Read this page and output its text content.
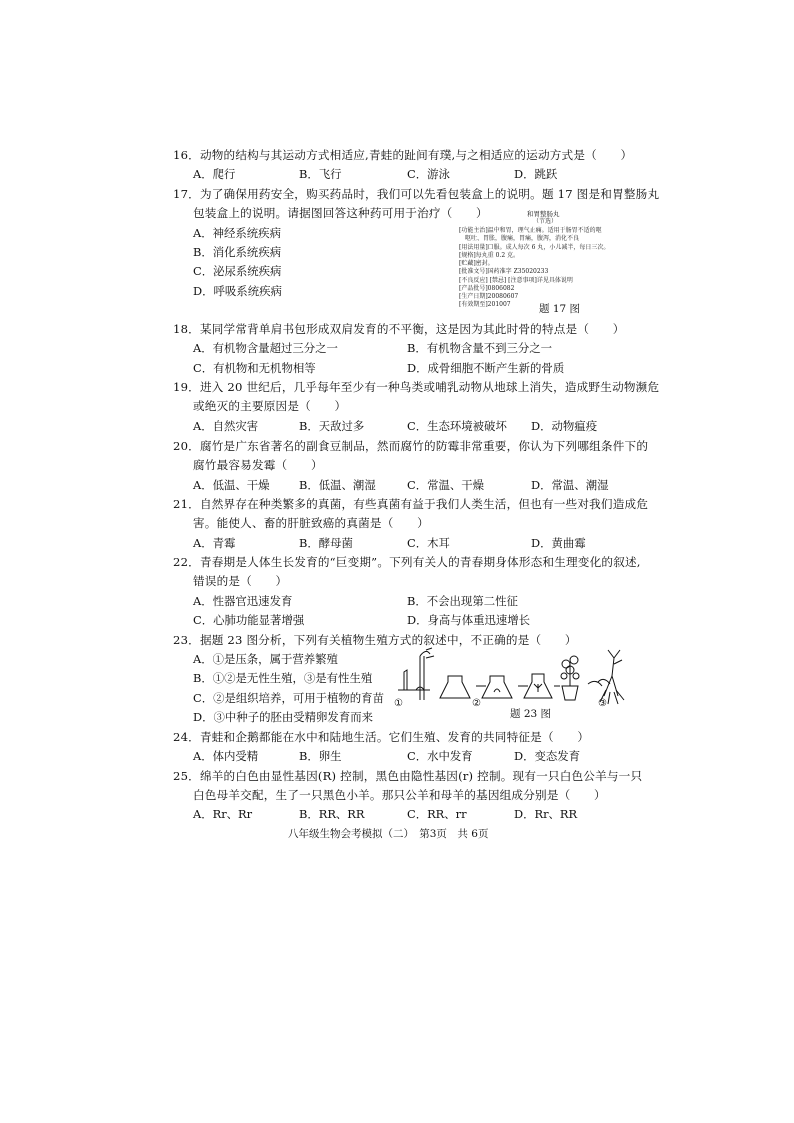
16．动物的结构与其运动方式相适应,青蛙的趾间有璞,与之相适应的运动方式是（　　）
A．爬行	B．飞行	C．游泳	D．跳跃
17．为了确保用药安全，购买药品时，我们可以先看包装盒上的说明。题 17 图是和胃整肠丸
包装盒上的说明。请据图回答这种药可用于治疗（　　）
A．神经系统疾病
B．消化系统疾病
C．泌尿系统疾病
D．呼吸系统疾病
和胃整肠丸
（节选）
[功能主治]温中和胃，理气止痛。适用于肠胃不适的呕
　呕吐、胃胀，腹痛，胃痛，腹泻，消化不良
[用法用量]口服。成人每次 6 丸，小儿减半，每日三次。
[规格]每丸重 0.2 克。
[贮藏]密封。
[批准文号]国药准字 Z35020233
[不良反应] [禁忌] [注意事项]详见具体说明
[产品批号]0806082
[生产日期]20080607
[有效期至]201007	题 17 图
18．某同学常背单肩书包形成双肩发育的不平衡，这是因为其此时骨的特点是（　　）
A．有机物含量超过三分之一	B．有机物含量不到三分之一
C．有机物和无机物相等	D．成骨细胞不断产生新的骨质
19．进入 20 世纪后，几乎每年至少有一种鸟类或哺乳动物从地球上消失，造成野生动物濒危
或绝灭的主要原因是（　　）
A．自然灾害	B．天敌过多	C．生态环境被破坏 D．动物瘟疫
20．腐竹是广东省著名的副食豆制品，然而腐竹的防霉非常重要，你认为下列哪组条件下的
腐竹最容易发霉（　　）
A．低温、干燥	B．低温、潮湿	C．常温、干燥	D．常温、潮湿
21．自然界存在种类繁多的真菌，有些真菌有益于我们人类生活，但也有一些对我们造成危
害。能使人、畜的肝脏致癌的真菌是（　　）
A．青霉	B．酵母菌	C．木耳	D．黄曲霉
22．青春期是人体生长发育的“巨变期”。下列有关人的青春期身体形态和生理变化的叙述,
错误的是（　　）
A．性器官迅速发育	B．不会出现第二性征
C．心肺功能显著增强	D．身高与体重迅速增长
23．据题 23 图分析，下列有关植物生殖方式的叙述中，不正确的是（　　）
A．①是压条，属于营养繁殖
B．①②是无性生殖，③是有性生殖
C．②是组织培养，可用于植物的育苗
D．③中种子的胚由受精卵发育而来
①	②	③
题 23 图
24．青蛙和企鹅都能在水中和陆地生活。它们生殖、发育的共同特征是（　　）
A．体内受精	B．卵生	C．水中发育	D．变态发育
25．绵羊的白色由显性基因(R) 控制，黑色由隐性基因(r) 控制。现有一只白色公羊与一只
白色母羊交配，生了一只黑色小羊。那只公羊和母羊的基因组成分别是（　　）
A．Rr、Rr	B．RR、RR	C．RR、rr	D．Rr、RR
八年级生物会考模拟（二）　第3页　共 6页
